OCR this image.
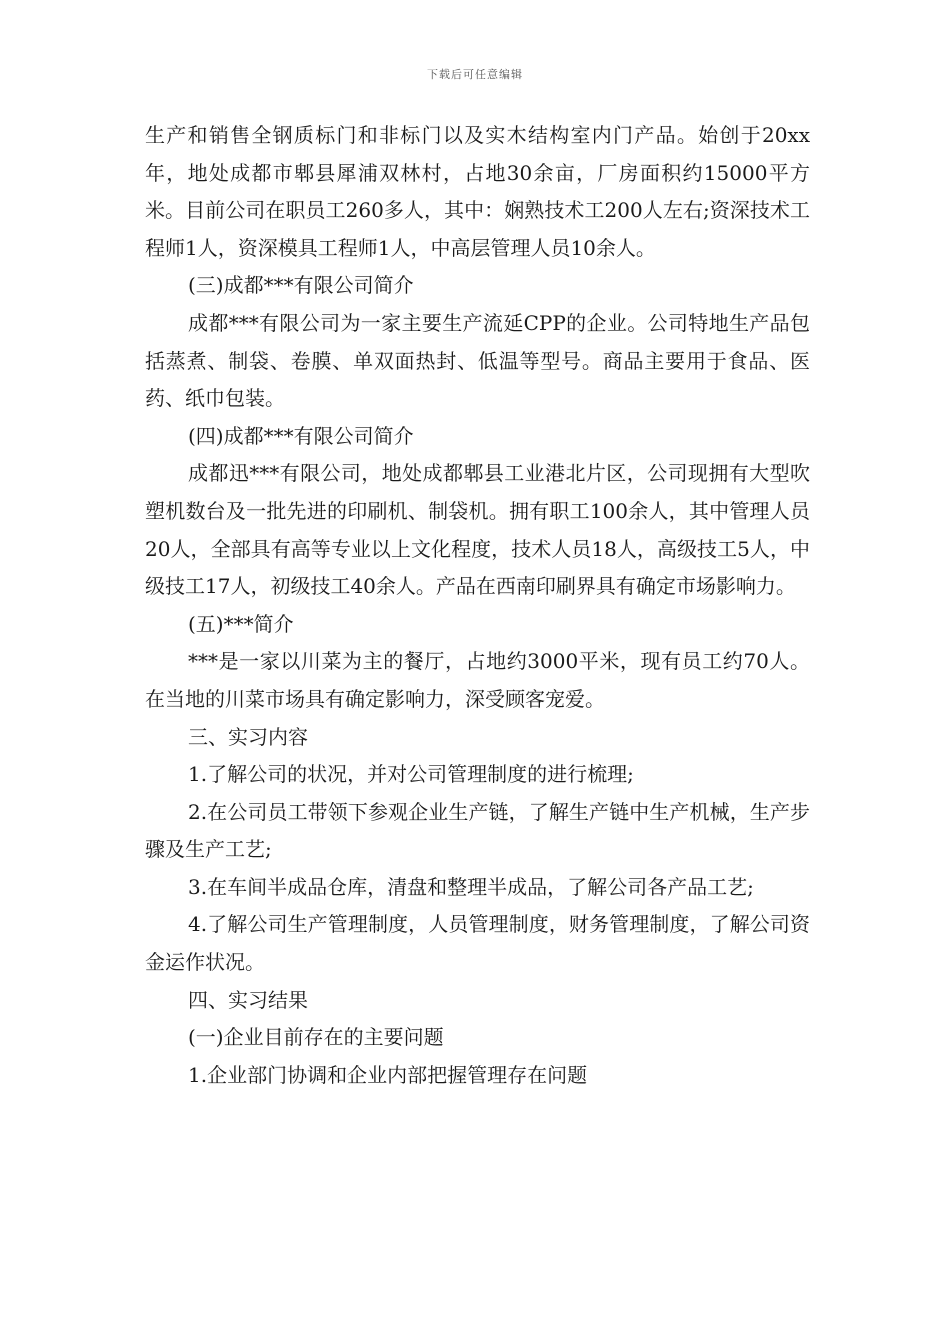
下载后可任意编辑

生产和销售全钢质标门和非标门以及实木结构室内门产品。始创于20xx年，地处成都市郫县犀浦双林村，占地30余亩，厂房面积约15000平方米。目前公司在职员工260多人，其中：娴熟技术工200人左右;资深技术工程师1人，资深模具工程师1人，中高层管理人员10余人。

(三)成都***有限公司简介

成都***有限公司为一家主要生产流延CPP的企业。公司特地生产品包括蒸煮、制袋、卷膜、单双面热封、低温等型号。商品主要用于食品、医药、纸巾包装。

(四)成都***有限公司简介

成都迅***有限公司，地处成都郫县工业港北片区，公司现拥有大型吹塑机数台及一批先进的印刷机、制袋机。拥有职工100余人，其中管理人员20人，全部具有高等专业以上文化程度，技术人员18人，高级技工5人，中级技工17人，初级技工40余人。产品在西南印刷界具有确定市场影响力。

(五)***简介

***是一家以川菜为主的餐厅，占地约3000平米，现有员工约70人。在当地的川菜市场具有确定影响力，深受顾客宠爱。

三、实习内容

1.了解公司的状况，并对公司管理制度的进行梳理;

2.在公司员工带领下参观企业生产链，了解生产链中生产机械，生产步骤及生产工艺;

3.在车间半成品仓库，清盘和整理半成品，了解公司各产品工艺;

4.了解公司生产管理制度，人员管理制度，财务管理制度，了解公司资金运作状况。

四、实习结果

(一)企业目前存在的主要问题

1.企业部门协调和企业内部把握管理存在问题
